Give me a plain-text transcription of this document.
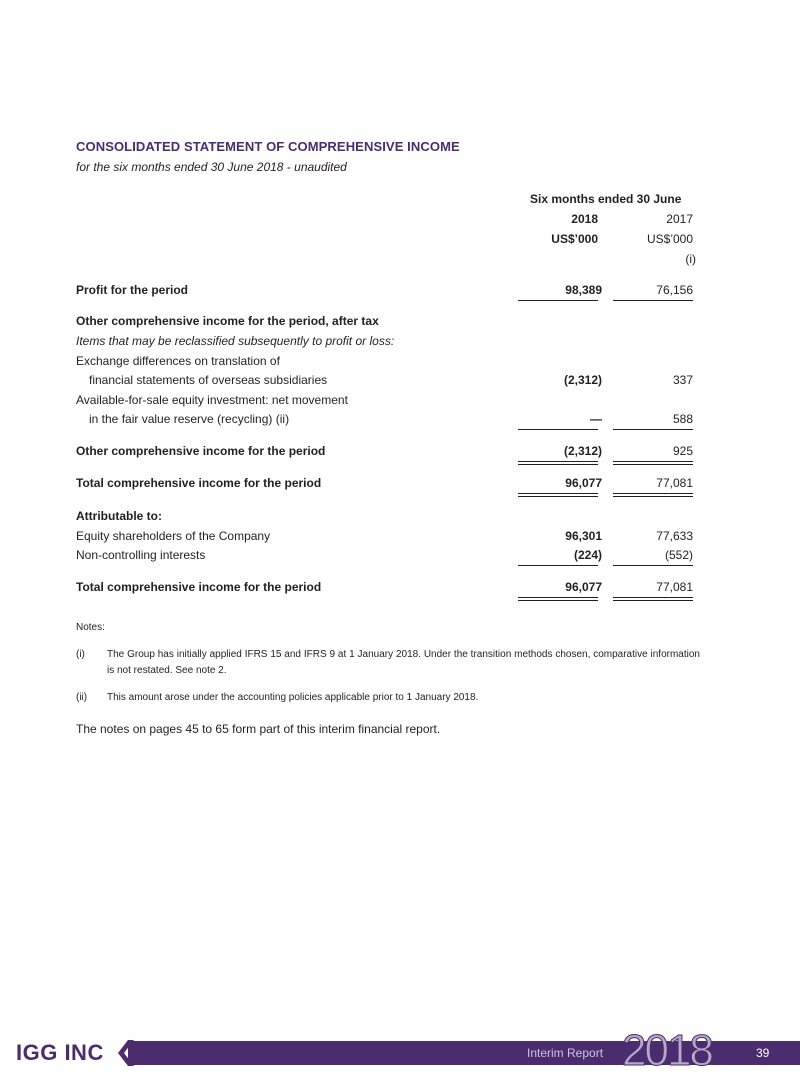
CONSOLIDATED STATEMENT OF COMPREHENSIVE INCOME
for the six months ended 30 June 2018 - unaudited
Six months ended 30 June
2018	2017
US$’000	US$’000
(i)
Profit for the period	98,389	76,156
Other comprehensive income for the period, after tax
Items that may be reclassified subsequently to profit or loss:
Exchange differences on translation of
financial statements of overseas subsidiaries	(2,312)	337
Available-for-sale equity investment: net movement
in the fair value reserve (recycling) (ii)	—	588
Other comprehensive income for the period	(2,312)	925
Total comprehensive income for the period	96,077	77,081
Attributable to:
Equity shareholders of the Company	96,301	77,633
Non-controlling interests	(224)	(552)
Total comprehensive income for the period	96,077	77,081
Notes:
(i) The Group has initially applied IFRS 15 and IFRS 9 at 1 January 2018. Under the transition methods chosen, comparative information is not restated. See note 2.
(ii) This amount arose under the accounting policies applicable prior to 1 January 2018.
The notes on pages 45 to 65 form part of this interim financial report.
IGG INC	Interim Report 2018	39
